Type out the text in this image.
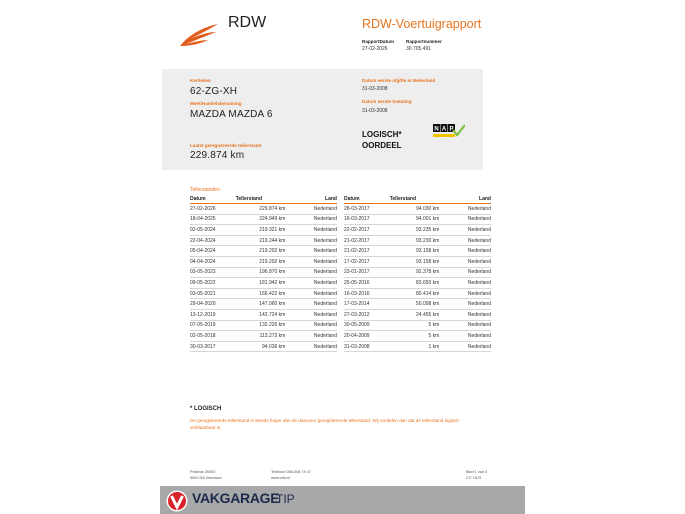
RDW	RDW-Voertuigrapport
RapportDatum
27-02-2026
Rapportnummer
30.705.491
Kenteken
62-ZG-XH
Merk/Handelsbenaming
MAZDA MAZDA 6
Laatst geregistreerde tellerstand
229.874 km
Datum eerste afgifte in Nederland
31-03-2008
Datum eerste toelating
31-03-2008
LOGISCH*
OORDEEL
N A P
Tellerstanden
Datum	Tellerstand	Land
27-02-2026	229.874 km	Nederland
18-04-2025	224.949 km	Nederland
02-05-2024	219.321 km	Nederland
22-04-2024	219.244 km	Nederland
05-04-2024	219.202 km	Nederland
04-04-2024	219.202 km	Nederland
03-05-2023	196.870 km	Nederland
09-05-2022	181.942 km	Nederland
03-05-2021	166.422 km	Nederland
29-04-2020	147.060 km	Nederland
13-12-2019	142.724 km	Nederland
07-05-2019	132.226 km	Nederland
02-05-2018	113.272 km	Nederland
30-03-2017	94.036 km	Nederland
Datum	Tellerstand	Land
28-03-2017	94.030 km	Nederland
16-03-2017	94.001 km	Nederland
22-02-2017	93.235 km	Nederland
21-02-2017	93.230 km	Nederland
21-02-2017	93.158 km	Nederland
17-02-2017	93.158 km	Nederland
23-01-2017	92.378 km	Nederland
25-05-2016	83.650 km	Nederland
16-03-2016	80.414 km	Nederland
17-03-2014	50.098 km	Nederland
27-03-2012	24.455 km	Nederland
30-05-2009	5 km	Nederland
20-04-2009	5 km	Nederland
31-03-2008	1 km	Nederland
* LOGISCH
De geregistreerde tellerstand is steeds hoger dan de daarvoor geregistreerde tellerstand. Wij oordelen dan dat de tellerstand logisch verklaarbaar is.
Postbus 30000
9640 RA Veendam
Telefoon 088-008 74 47
www.rdw.nl
Blad 1 van 3
2 E 1879
VAKGARAGE
TIP
